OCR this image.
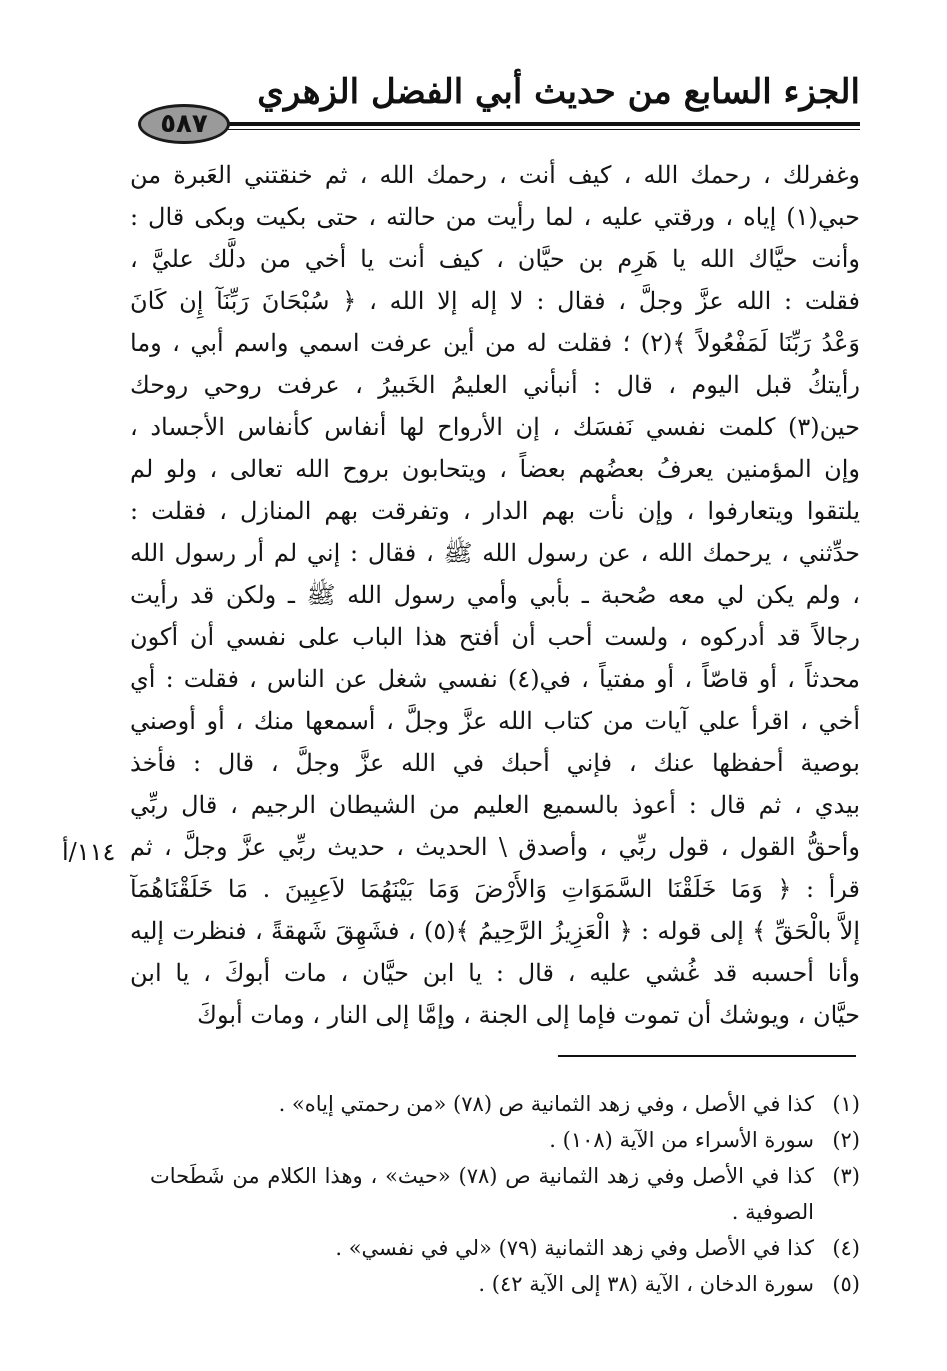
الجزء السابع من حديث أبي الفضل الزهري
٥٨٧
وغفرلك ، رحمك الله ، كيف أنت ، رحمك الله ، ثم خنقتني العَبرة من
حبي(١) إياه ، ورقتي عليه ، لما رأيت من حالته ، حتى بكيت وبكى قال :
وأنت حيَّاك الله يا هَرِم بن حيَّان ، كيف أنت يا أخي من دلَّك عليَّ ،
فقلت : الله عزَّ وجلَّ ، فقال : لا إله إلا الله ، ﴿ سُبْحَانَ رَبِّنَآ إِن كَانَ
وَعْدُ رَبِّنَا لَمَفْعُولاً ﴾(٢) ؛ فقلت له من أين عرفت اسمي واسم أبي ، وما
رأيتكُ قبل اليوم ، قال : أنبأني العليمُ الخَبيرُ ، عرفت روحي روحك
حين(٣) كلمت نفسي نَفسَك ، إن الأرواح لها أنفاس كأنفاس الأجساد ،
وإن المؤمنين يعرفُ بعضُهم بعضاً ، ويتحابون بروح الله تعالى ، ولو لم
يلتقوا ويتعارفوا ، وإن نأت بهم الدار ، وتفرقت بهم المنازل ، فقلت :
حدِّثني ، يرحمك الله ، عن رسول الله ﷺ ، فقال : إني لم أر رسول الله
، ولم يكن لي معه صُحبة ـ بأبي وأمي رسول الله ﷺ ـ ولكن قد رأيت
رجالاً قد أدركوه ، ولست أحب أن أفتح هذا الباب على نفسي أن أكون
محدثاً ، أو قاصّاً ، أو مفتياً ، في(٤) نفسي شغل عن الناس ، فقلت : أي
أخي ، اقرأ علي آيات من كتاب الله عزَّ وجلَّ ، أسمعها منك ، أو أوصني
بوصية أحفظها عنك ، فإني أحبك في الله عزَّ وجلَّ ، قال : فأخذ
بيدي ، ثم قال : أعوذ بالسميع العليم من الشيطان الرجيم ، قال ربِّي
وأحقُّ القول ، قول ربِّي ، وأصدق \ الحديث ، حديث ربِّي عزَّ وجلَّ ، ثم
قرأ : ﴿ وَمَا خَلَقْنَا السَّمَوَاتِ وَالأَرْضَ وَمَا بَيْنَهُمَا لاَعِبِينَ . مَا خَلَقْنَاهُمَآ
إلاَّ بالْحَقِّ ﴾ إلى قوله : ﴿ الْعَزِيزُ الرَّحِيمُ ﴾(٥) ، فشَهِقَ شَهقةً ، فنظرت إليه
وأنا أحسبه قد غُشي عليه ، قال : يا ابن حيَّان ، مات أبوكَ ، يا ابن
حيَّان ، ويوشك أن تموت فإما إلى الجنة ، وإمَّا إلى النار ، ومات أبوكَ
١١٤/أ
(١)
كذا في الأصل ، وفي زهد الثمانية ص (٧٨) «من رحمتي إياه» .
(٢)
سورة الأسراء من الآية (١٠٨) .
(٣)
كذا في الأصل وفي زهد الثمانية ص (٧٨) «حيث» ، وهذا الكلام من شَطَحات الصوفية .
(٤)
كذا في الأصل وفي زهد الثمانية (٧٩) «لي في نفسي» .
(٥)
سورة الدخان ، الآية (٣٨ إلى الآية ٤٢) .
